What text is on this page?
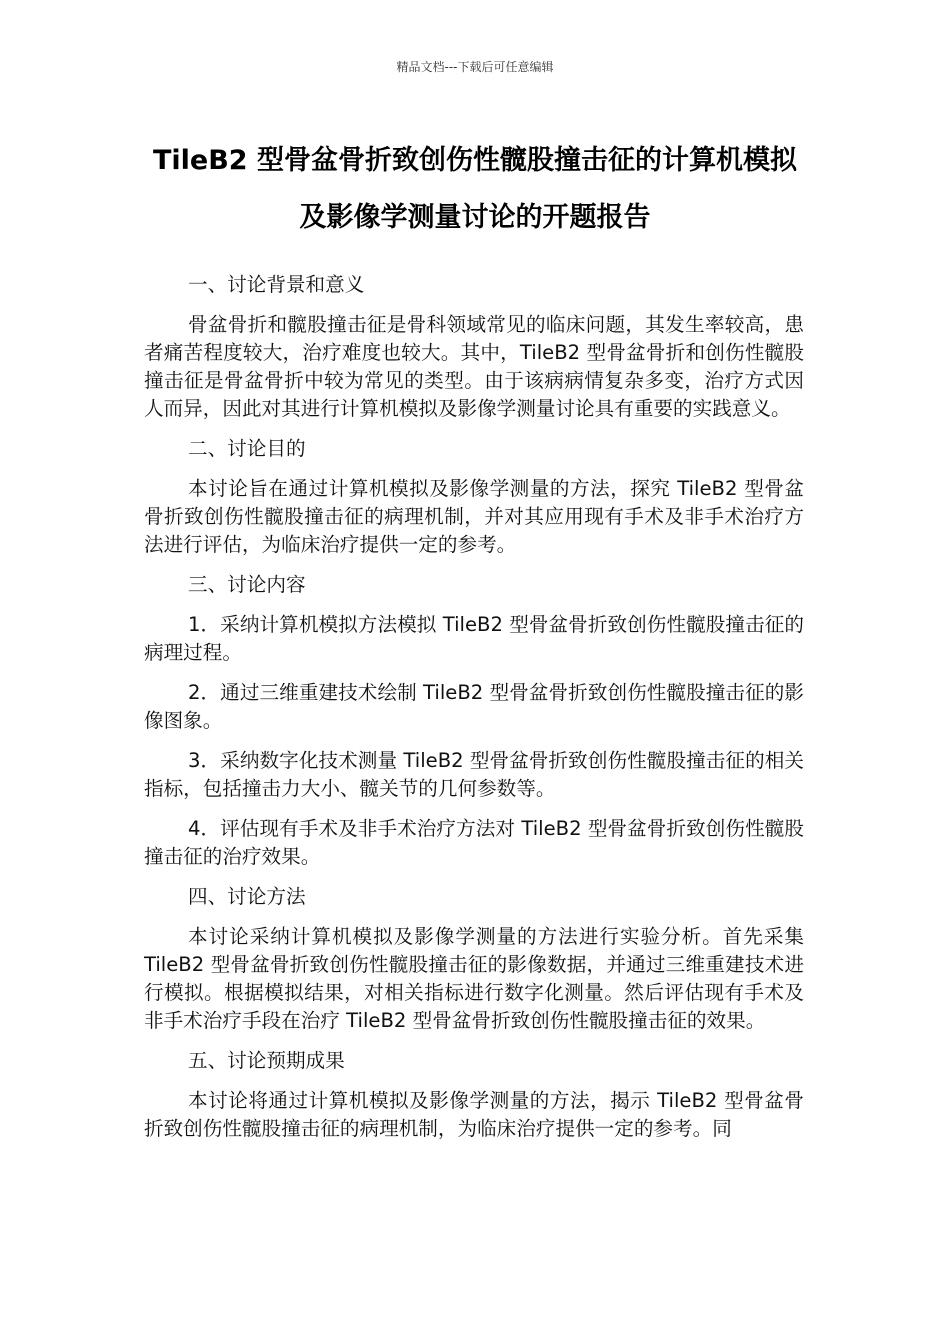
精品文档---下载后可任意编辑
TileB2 型骨盆骨折致创伤性髋股撞击征的计算机模拟
及影像学测量讨论的开题报告

一、讨论背景和意义

骨盆骨折和髋股撞击征是骨科领域常见的临床问题，其发生率较高，患者痛苦程度较大，治疗难度也较大。其中，TileB2 型骨盆骨折和创伤性髋股撞击征是骨盆骨折中较为常见的类型。由于该病病情复杂多变，治疗方式因人而异，因此对其进行计算机模拟及影像学测量讨论具有重要的实践意义。

二、讨论目的

本讨论旨在通过计算机模拟及影像学测量的方法，探究 TileB2 型骨盆骨折致创伤性髋股撞击征的病理机制，并对其应用现有手术及非手术治疗方法进行评估，为临床治疗提供一定的参考。

三、讨论内容

1．采纳计算机模拟方法模拟 TileB2 型骨盆骨折致创伤性髋股撞击征的病理过程。

2．通过三维重建技术绘制 TileB2 型骨盆骨折致创伤性髋股撞击征的影像图象。

3．采纳数字化技术测量 TileB2 型骨盆骨折致创伤性髋股撞击征的相关指标，包括撞击力大小、髋关节的几何参数等。

4．评估现有手术及非手术治疗方法对 TileB2 型骨盆骨折致创伤性髋股撞击征的治疗效果。

四、讨论方法

本讨论采纳计算机模拟及影像学测量的方法进行实验分析。首先采集 TileB2 型骨盆骨折致创伤性髋股撞击征的影像数据，并通过三维重建技术进行模拟。根据模拟结果，对相关指标进行数字化测量。然后评估现有手术及非手术治疗手段在治疗 TileB2 型骨盆骨折致创伤性髋股撞击征的效果。

五、讨论预期成果

本讨论将通过计算机模拟及影像学测量的方法，揭示 TileB2 型骨盆骨折致创伤性髋股撞击征的病理机制，为临床治疗提供一定的参考。同
